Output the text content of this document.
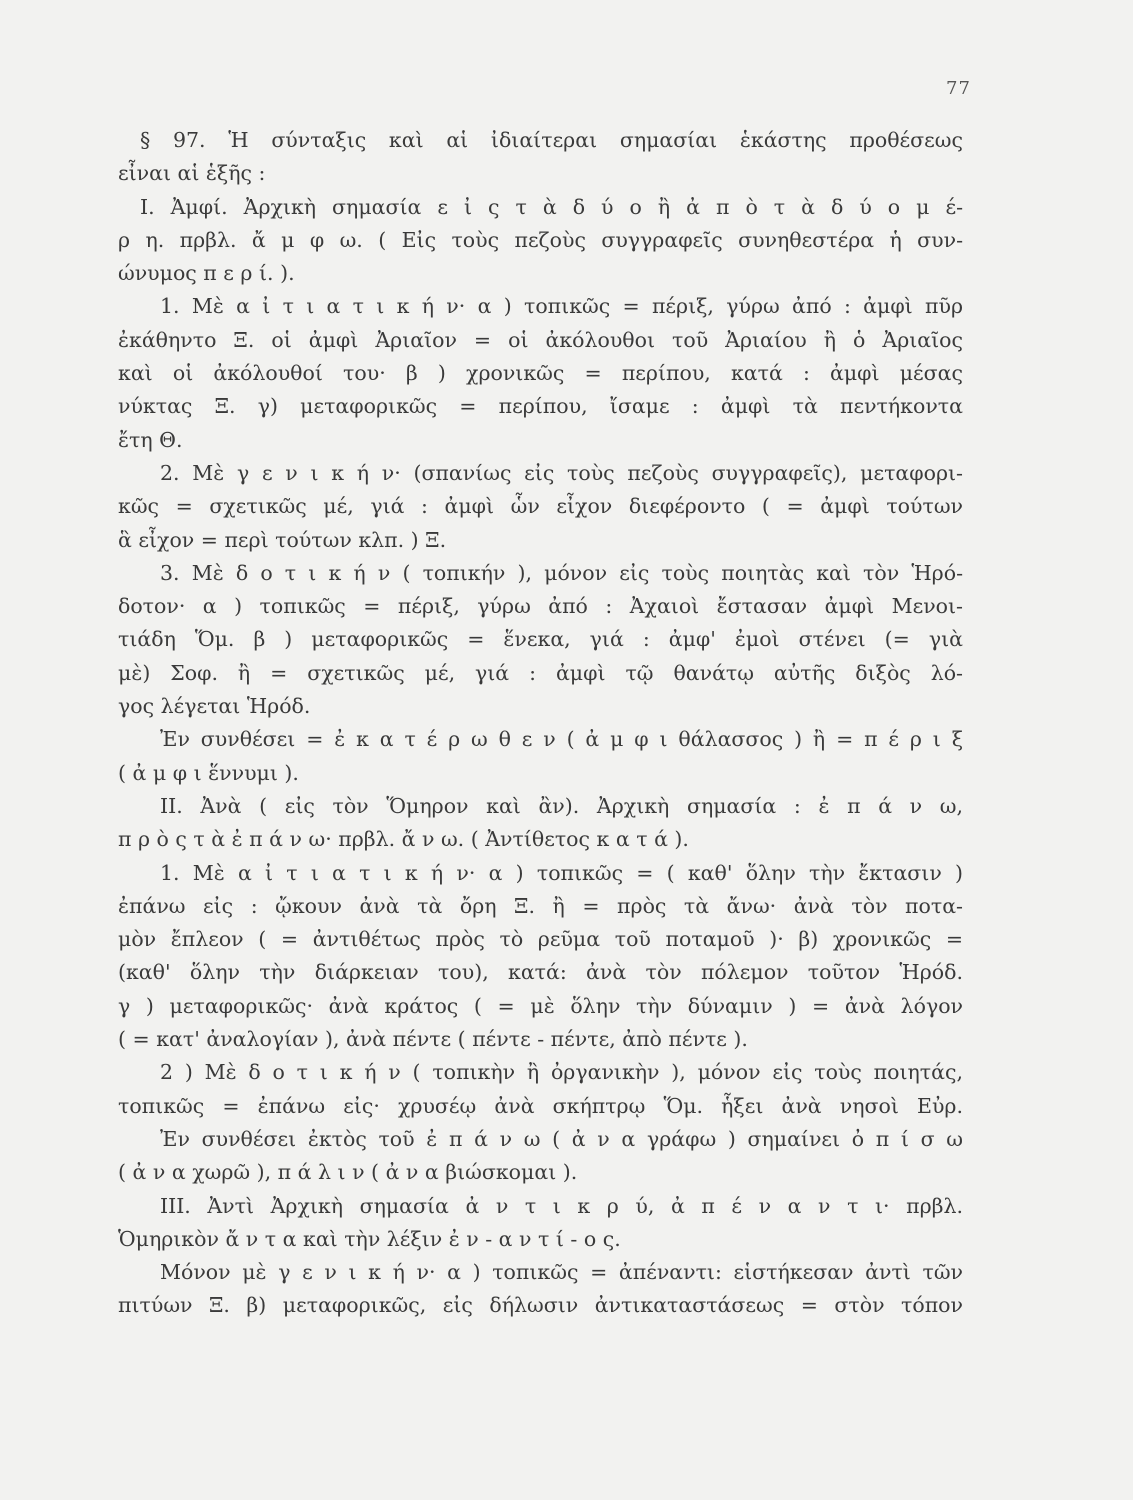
77
§ 97. Ἡ σύνταξις καὶ αἱ ἰδιαίτεραι σημασίαι ἑκάστης προθέσεως
εἶναι αἱ ἑξῆς :
Ι. Ἀμφί. Ἀρχικὴ σημασία ε ἰ ς τ ὰ δ ύ ο ἢ ἀ π ὸ τ ὰ δ ύ ο μ έ-
ρ η. πρβλ. ἄ μ φ ω. ( Εἰς τοὺς πεζοὺς συγγραφεῖς συνηθεστέρα ἡ συν-
ώνυμος π ε ρ ί. ).
1. Μὲ α ἰ τ ι α τ ι κ ή ν· α ) τοπικῶς = πέριξ, γύρω ἀπό : ἀμφὶ πῦρ
ἐκάθηντο Ξ. οἱ ἀμφὶ Ἀριαῖον = οἱ ἀκόλουθοι τοῦ Ἀριαίου ἢ ὁ Ἀριαῖος
καὶ οἱ ἀκόλουθοί του· β ) χρονικῶς = περίπου, κατά : ἀμφὶ μέσας
νύκτας Ξ. γ) μεταφορικῶς = περίπου, ἴσαμε : ἀμφὶ τὰ πεντήκοντα
ἔτη Θ.
2. Μὲ γ ε ν ι κ ή ν· (σπανίως εἰς τοὺς πεζοὺς συγγραφεῖς), μεταφορι-
κῶς = σχετικῶς μέ, γιά : ἀμφὶ ὧν εἶχον διεφέροντο ( = ἀμφὶ τούτων
ἃ εἶχον = περὶ τούτων κλπ. ) Ξ.
3. Μὲ δ ο τ ι κ ή ν ( τοπικήν ), μόνον εἰς τοὺς ποιητὰς καὶ τὸν Ἡρό-
δοτον· α ) τοπικῶς = πέριξ, γύρω ἀπό : Ἀχαιοὶ ἔστασαν ἀμφὶ Μενοι-
τιάδη Ὅμ. β ) μεταφορικῶς = ἕνεκα, γιά : ἀμφ' ἐμοὶ στένει (= γιὰ
μὲ) Σοφ. ἢ = σχετικῶς μέ, γιά : ἀμφὶ τῷ θανάτῳ αὐτῆς διξὸς λό-
γος λέγεται Ἡρόδ.
Ἐν συνθέσει = ἐ κ α τ έ ρ ω θ ε ν ( ἀ μ φ ι θάλασσος ) ἢ = π έ ρ ι ξ
( ἀ μ φ ι ἕννυμι ).
ΙΙ. Ἀνὰ ( εἰς τὸν Ὅμηρον καὶ ἂν). Ἀρχικὴ σημασία : ἐ π ά ν ω,
π ρ ὸ ς τ ὰ ἐ π ά ν ω· πρβλ. ἄ ν ω. ( Ἀντίθετος κ α τ ά ).
1. Μὲ α ἰ τ ι α τ ι κ ή ν· α ) τοπικῶς = ( καθ' ὅλην τὴν ἔκτασιν )
ἐπάνω εἰς : ᾤκουν ἀνὰ τὰ ὄρη Ξ. ἢ = πρὸς τὰ ἄνω· ἀνὰ τὸν ποτα-
μὸν ἔπλεον ( = ἀντιθέτως πρὸς τὸ ρεῦμα τοῦ ποταμοῦ )· β) χρονικῶς =
(καθ' ὅλην τὴν διάρκειαν του), κατά: ἀνὰ τὸν πόλεμον τοῦτον Ἡρόδ.
γ ) μεταφορικῶς· ἀνὰ κράτος ( = μὲ ὅλην τὴν δύναμιν ) = ἀνὰ λόγον
( = κατ' ἀναλογίαν ), ἀνὰ πέντε ( πέντε - πέντε, ἀπὸ πέντε ).
2 ) Μὲ δ ο τ ι κ ή ν ( τοπικὴν ἢ ὀργανικὴν ), μόνον εἰς τοὺς ποιητάς,
τοπικῶς = ἐπάνω εἰς· χρυσέῳ ἀνὰ σκήπτρῳ Ὅμ. ἧξει ἀνὰ νησοὶ Εὐρ.
Ἐν συνθέσει ἐκτὸς τοῦ ἐ π ά ν ω ( ἀ ν α γράφω ) σημαίνει ὀ π ί σ ω
( ἀ ν α χωρῶ ), π ά λ ι ν ( ἀ ν α βιώσκομαι ).
ΙΙΙ. Ἀντὶ Ἀρχικὴ σημασία ἀ ν τ ι κ ρ ύ, ἀ π έ ν α ν τ ι· πρβλ.
Ὁμηρικὸν ἄ ν τ α καὶ τὴν λέξιν ἐ ν - α ν τ ί - ο ς.
Μόνον μὲ γ ε ν ι κ ή ν· α ) τοπικῶς = ἀπέναντι: εἱστήκεσαν ἀντὶ τῶν
πιτύων Ξ. β) μεταφορικῶς, εἰς δήλωσιν ἀντικαταστάσεως = στὸν τόπον
